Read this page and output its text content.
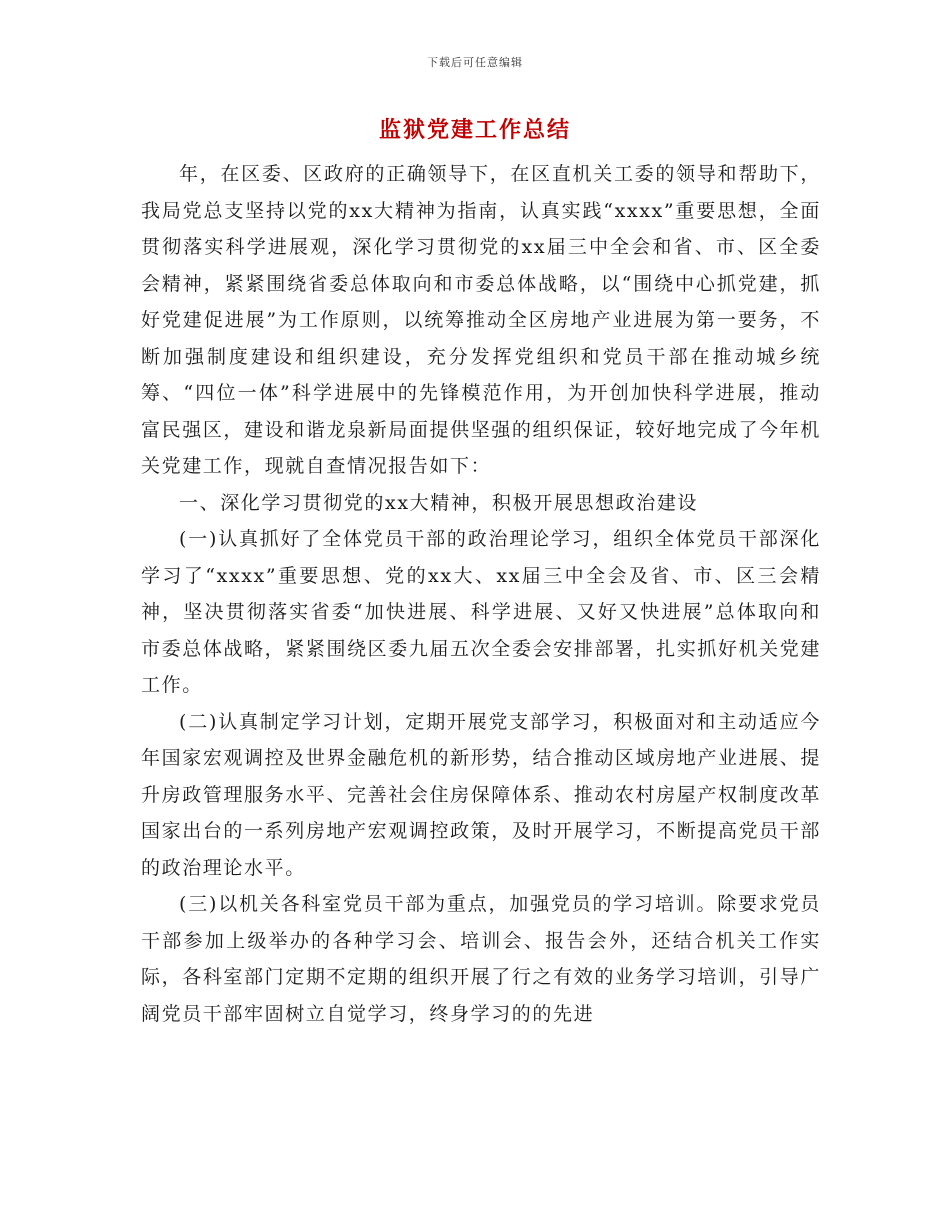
下载后可任意编辑
监狱党建工作总结

年，在区委、区政府的正确领导下，在区直机关工委的领导和帮助下，我局党总支坚持以党的xx大精神为指南，认真实践“xxxx”重要思想，全面贯彻落实科学进展观，深化学习贯彻党的xx届三中全会和省、市、区全委会精神，紧紧围绕省委总体取向和市委总体战略，以“围绕中心抓党建，抓好党建促进展”为工作原则，以统筹推动全区房地产业进展为第一要务，不断加强制度建设和组织建设，充分发挥党组织和党员干部在推动城乡统筹、“四位一体”科学进展中的先锋模范作用，为开创加快科学进展，推动富民强区，建设和谐龙泉新局面提供坚强的组织保证，较好地完成了今年机关党建工作，现就自查情况报告如下：

一、深化学习贯彻党的xx大精神，积极开展思想政治建设

(一)认真抓好了全体党员干部的政治理论学习，组织全体党员干部深化学习了“xxxx”重要思想、党的xx大、xx届三中全会及省、市、区三会精神，坚决贯彻落实省委“加快进展、科学进展、又好又快进展”总体取向和市委总体战略，紧紧围绕区委九届五次全委会安排部署，扎实抓好机关党建工作。

(二)认真制定学习计划，定期开展党支部学习，积极面对和主动适应今年国家宏观调控及世界金融危机的新形势，结合推动区域房地产业进展、提升房政管理服务水平、完善社会住房保障体系、推动农村房屋产权制度改革国家出台的一系列房地产宏观调控政策，及时开展学习，不断提高党员干部的政治理论水平。

(三)以机关各科室党员干部为重点，加强党员的学习培训。除要求党员干部参加上级举办的各种学习会、培训会、报告会外，还结合机关工作实际，各科室部门定期不定期的组织开展了行之有效的业务学习培训，引导广阔党员干部牢固树立自觉学习，终身学习的的先进
